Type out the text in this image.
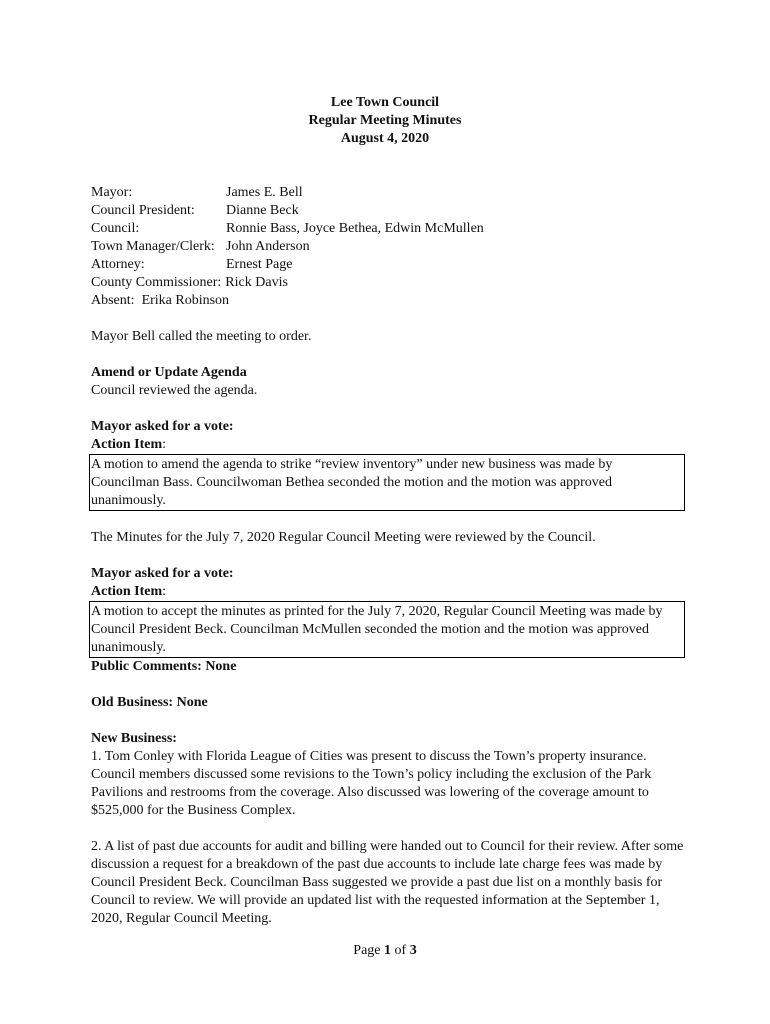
Lee Town Council
Regular Meeting Minutes
August 4, 2020
Mayor:	James E. Bell
Council President:	Dianne Beck
Council:	Ronnie Bass, Joyce Bethea, Edwin McMullen
Town Manager/Clerk: John Anderson
Attorney:	Ernest Page
County Commissioner: Rick Davis
Absent: Erika Robinson

Mayor Bell called the meeting to order.

Amend or Update Agenda

Council reviewed the agenda.

Mayor asked for a vote:

Action Item:

A motion to amend the agenda to strike “review inventory” under new business was made by Councilman Bass. Councilwoman Bethea seconded the motion and the motion was approved unanimously.

The Minutes for the July 7, 2020 Regular Council Meeting were reviewed by the Council.

Mayor asked for a vote:

Action Item:

A motion to accept the minutes as printed for the July 7, 2020, Regular Council Meeting was made by Council President Beck. Councilman McMullen seconded the motion and the motion was approved unanimously.

Public Comments: None

Old Business: None

New Business:

1. Tom Conley with Florida League of Cities was present to discuss the Town’s property insurance. Council members discussed some revisions to the Town’s policy including the exclusion of the Park Pavilions and restrooms from the coverage. Also discussed was lowering of the coverage amount to $525,000 for the Business Complex.

2. A list of past due accounts for audit and billing were handed out to Council for their review. After some discussion a request for a breakdown of the past due accounts to include late charge fees was made by Council President Beck. Councilman Bass suggested we provide a past due list on a monthly basis for Council to review. We will provide an updated list with the requested information at the September 1, 2020, Regular Council Meeting.

Page 1 of 3
